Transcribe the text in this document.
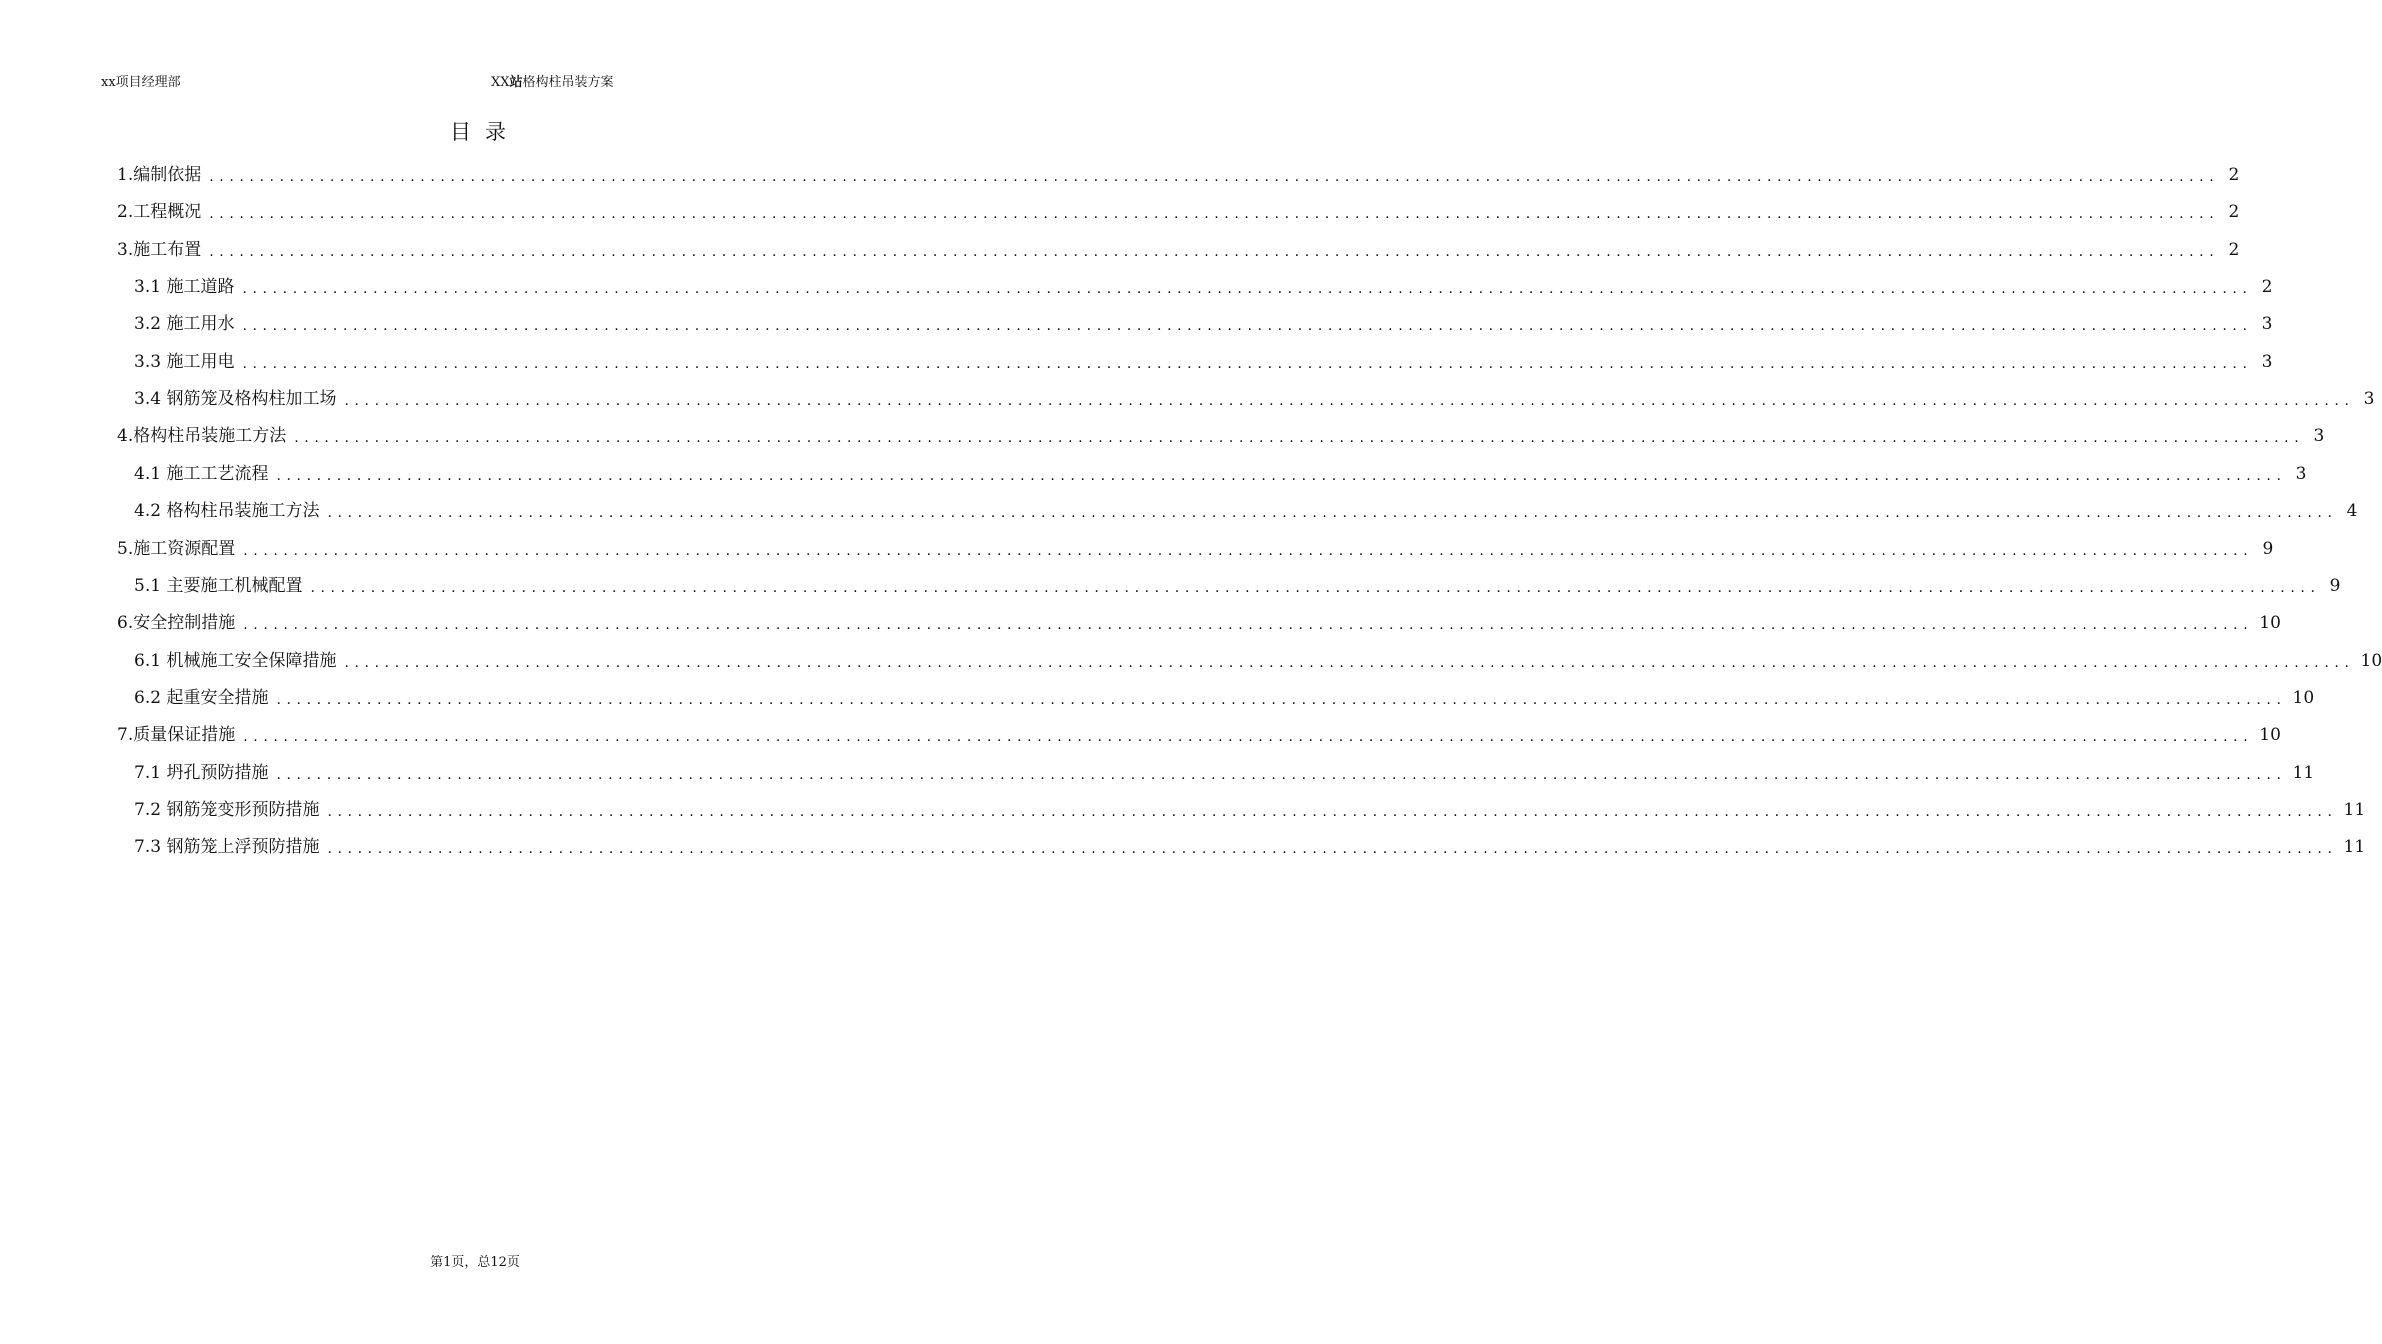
xx项目经理部	XX站格构柱吊装方案
目录
1.编制依据 ........................................................................................................................................................................................................ 2
2.工程概况 ........................................................................................................................................................................................................ 2
3.施工布置 ........................................................................................................................................................................................................ 2
3.1 施工道路 ........................................................................................................................................................................................................ 2
3.2 施工用水 ........................................................................................................................................................................................................ 3
3.3 施工用电 ........................................................................................................................................................................................................ 3
3.4 钢筋笼及格构柱加工场 ........................................................................................................................................................................................................ 3
4.格构柱吊装施工方法 ........................................................................................................................................................................................................ 3
4.1 施工工艺流程 ........................................................................................................................................................................................................ 3
4.2 格构柱吊装施工方法 ........................................................................................................................................................................................................ 4
5.施工资源配置 ........................................................................................................................................................................................................ 9
5.1 主要施工机械配置 ........................................................................................................................................................................................................ 9
6.安全控制措施 ........................................................................................................................................................................................................ 10
6.1 机械施工安全保障措施 ........................................................................................................................................................................................................ 10
6.2 起重安全措施 ........................................................................................................................................................................................................ 10
7.质量保证措施 ........................................................................................................................................................................................................ 10
7.1 坍孔预防措施 ........................................................................................................................................................................................................ 11
7.2 钢筋笼变形预防措施 ........................................................................................................................................................................................................ 11
7.3 钢筋笼上浮预防措施 ........................................................................................................................................................................................................ 11
第1页，总12页
